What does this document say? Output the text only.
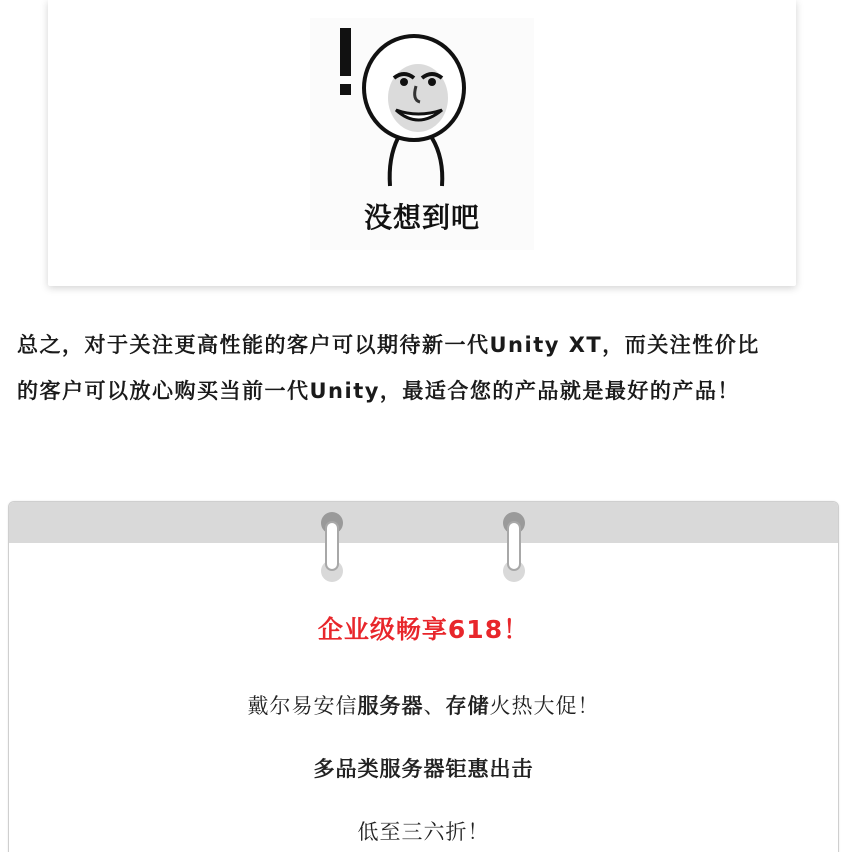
没想到吧
总之，对于关注更高性能的客户可以期待新一代Unity XT，而关注性价比
的客户可以放心购买当前一代Unity，最适合您的产品就是最好的产品！
企业级畅享618！
戴尔易安信服务器、存储火热大促！
多品类服务器钜惠出击
低至三六折！
